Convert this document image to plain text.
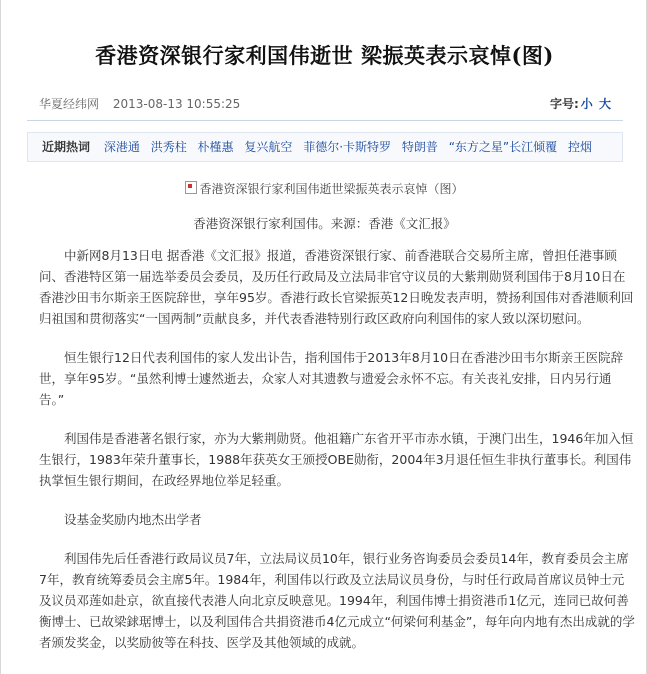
香港资深银行家利国伟逝世 梁振英表示哀悼(图)
华夏经纬网 2013-08-13 10:55:25	字号: 小 大
近期热词 深港通 洪秀柱 朴槿惠 复兴航空 菲德尔·卡斯特罗 特朗普 “东方之星”长江倾覆 控烟
香港资深银行家利国伟逝世梁振英表示哀悼（图）
香港资深银行家利国伟。来源：香港《文汇报》

中新网8月13日电 据香港《文汇报》报道，香港资深银行家、前香港联合交易所主席，曾担任港事顾问、香港特区第一届选举委员会委员，及历任行政局及立法局非官守议员的大紫荆勋贤利国伟于8月10日在香港沙田韦尔斯亲王医院辞世，享年95岁。香港行政长官梁振英12日晚发表声明，赞扬利国伟对香港顺利回归祖国和贯彻落实“一国两制”贡献良多，并代表香港特别行政区政府向利国伟的家人致以深切慰问。

恒生银行12日代表利国伟的家人发出讣告，指利国伟于2013年8月10日在香港沙田韦尔斯亲王医院辞世，享年95岁。“虽然利博士遽然逝去，众家人对其遗教与遗爱会永怀不忘。有关丧礼安排，日内另行通告。”

利国伟是香港著名银行家，亦为大紫荆勋贤。他祖籍广东省开平市赤水镇，于澳门出生，1946年加入恒生银行，1983年荣升董事长，1988年获英女王颁授OBE勋衔，2004年3月退任恒生非执行董事长。利国伟执掌恒生银行期间，在政经界地位举足轻重。

设基金奖励内地杰出学者

利国伟先后任香港行政局议员7年，立法局议员10年，银行业务咨询委员会委员14年，教育委员会主席7年，教育统筹委员会主席5年。1984年，利国伟以行政及立法局议员身份，与时任行政局首席议员钟士元及议员邓莲如赴京，欲直接代表港人向北京反映意见。1994年，利国伟博士捐资港币1亿元，连同已故何善衡博士、已故梁銶琚博士，以及利国伟合共捐资港币4亿元成立“何梁何利基金”，每年向内地有杰出成就的学者颁发奖金，以奖励彼等在科技、医学及其他领域的成就。
